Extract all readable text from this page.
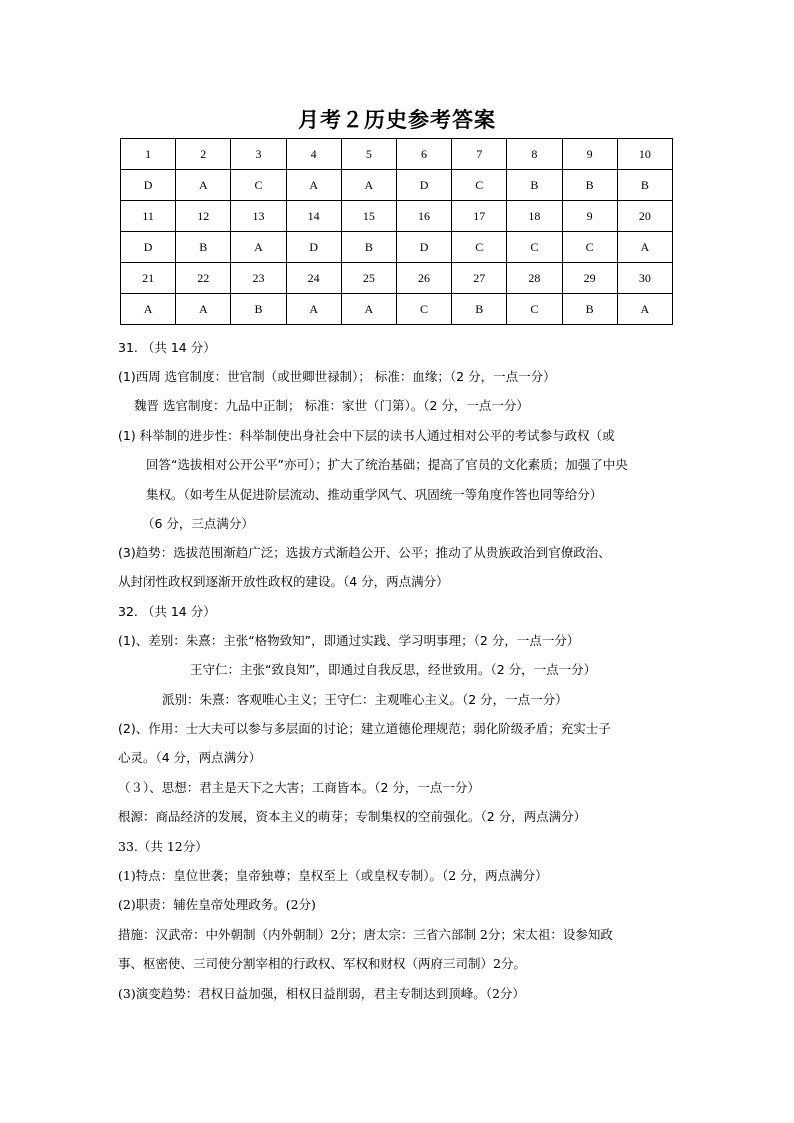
月考２历史参考答案
1	2	3	4	5	6	7	8	9	10
D	A	C	A	A	D	C	B	B	B
11	12	13	14	15	16	17	18	9	20
D	B	A	D	B	D	C	C	C	A
21	22	23	24	25	26	27	28	29	30
A	A	B	A	A	C	B	C	B	A
31. （共 14 分）
(1)西周 选官制度：世官制（或世卿世禄制）； 标准：血缘；（2 分，一点一分）
魏晋 选官制度：九品中正制； 标准：家世（门第）。（2 分，一点一分）
(1) 科举制的进步性：科举制使出身社会中下层的读书人通过相对公平的考试参与政权（或
回答“选拔相对公开公平”亦可）；扩大了统治基础；提高了官员的文化素质；加强了中央
集权。（如考生从促进阶层流动、推动重学风气、巩固统一等角度作答也同等给分）
（6 分，三点满分）
(3)趋势：选拔范围渐趋广泛；选拔方式渐趋公开、公平；推动了从贵族政治到官僚政治、
从封闭性政权到逐渐开放性政权的建设。（4 分，两点满分）
32. （共 14 分）
(1)、差别：朱熹：主张“格物致知”，即通过实践、学习明事理；（2 分，一点一分）
王守仁：主张“致良知”，即通过自我反思，经世致用。（2 分，一点一分）
派别：朱熹：客观唯心主义；王守仁：主观唯心主义。（2 分，一点一分）
(2)、作用：士大夫可以参与多层面的讨论；建立道德伦理规范；弱化阶级矛盾；充实士子
心灵。（4 分，两点满分）
（３）、思想：君主是天下之大害；工商皆本。（2 分，一点一分）
根源：商品经济的发展，资本主义的萌芽；专制集权的空前强化。（2 分，两点满分）
33.（共 12分）
(1)特点：皇位世袭；皇帝独尊；皇权至上（或皇权专制）。（2 分，两点满分）
(2)职责：辅佐皇帝处理政务。(2分)
措施：汉武帝：中外朝制（内外朝制）2分；唐太宗：三省六部制 2分；宋太祖：设参知政
事、枢密使、三司使分割宰相的行政权、军权和财权（两府三司制）2分。
(3)演变趋势：君权日益加强，相权日益削弱，君主专制达到顶峰。（2分）
